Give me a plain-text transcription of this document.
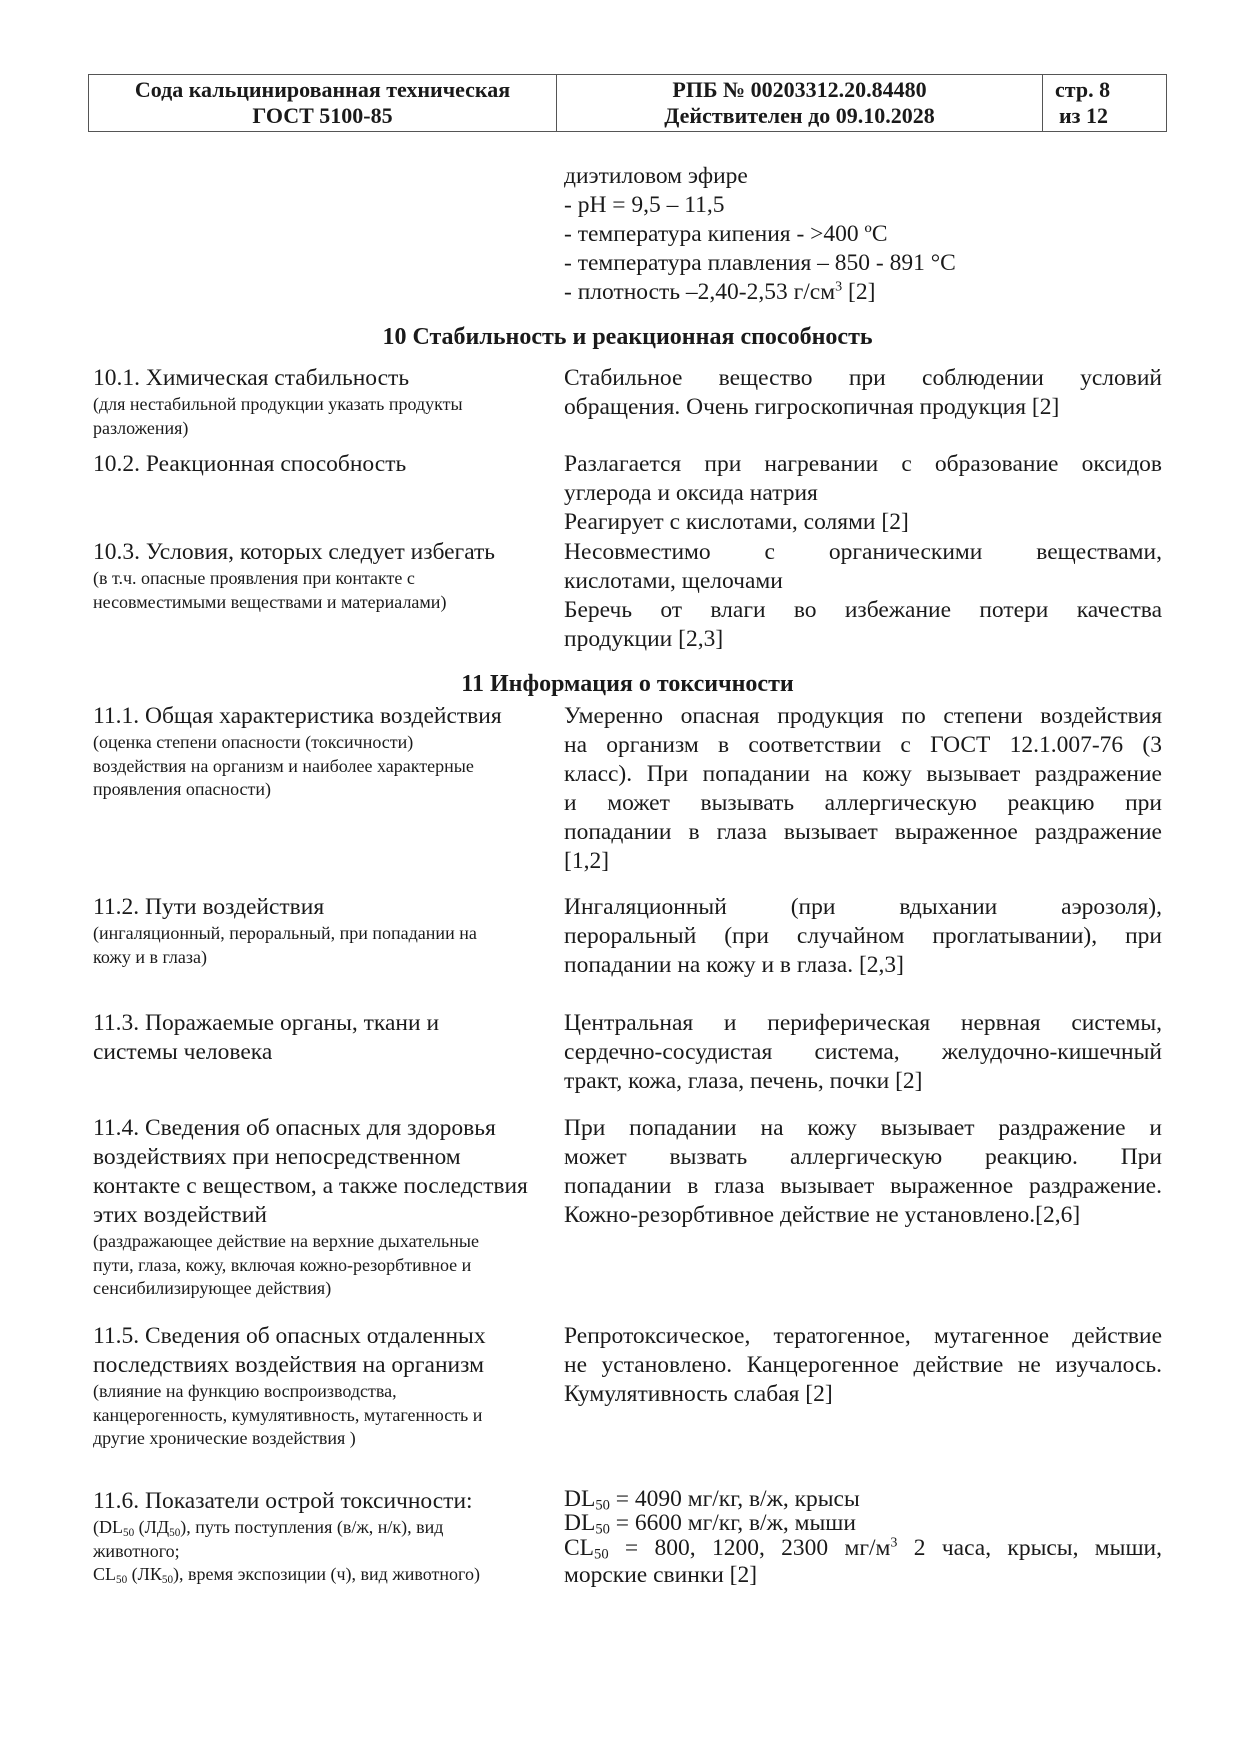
Сода кальцинированная техническая
ГОСТ 5100-85
РПБ № 00203312.20.84480
Действителен до 09.10.2028
стр. 8
из 12
диэтиловом эфире
- pH = 9,5 – 11,5
- температура кипения - >400 ºС
- температура плавления – 850 - 891 °С
- плотность –2,40-2,53 $г/см^3$ [2]
10 Стабильность и реакционная способность
10.1. Химическая стабильность
(для нестабильной продукции указать продукты
разложения)
Стабильное вещество при соблюдении условий
обращения. Очень гигроскопичная продукция [2]
10.2. Реакционная способность	Разлагается при нагревании с образование оксидов
углерода и оксида натрия
Реагирует с кислотами, солями [2]
10.3. Условия, которых следует избегать
(в т.ч. опасные проявления при контакте с
несовместимыми веществами и материалами)
Несовместимо с органическими веществами,
кислотами, щелочами
Беречь от влаги во избежание потери качества
продукции [2,3]
11 Информация о токсичности
11.1. Общая характеристика воздействия
(оценка степени опасности (токсичности)
воздействия на организм и наиболее характерные
проявления опасности)
Умеренно опасная продукция по степени воздействия
на организм в соответствии с ГОСТ 12.1.007-76 (3
класс). При попадании на кожу вызывает раздражение
и может вызывать аллергическую реакцию при
попадании в глаза вызывает выраженное раздражение
[1,2]
11.2. Пути воздействия
(ингаляционный, пероральный, при попадании на
кожу и в глаза)
Ингаляционный (при вдыхании аэрозоля),
пероральный (при случайном проглатывании), при
попадании на кожу и в глаза. [2,3]
11.3. Поражаемые органы, ткани и
системы человека
Центральная и периферическая нервная системы,
сердечно-сосудистая система, желудочно-кишечный
тракт, кожа, глаза, печень, почки [2]
11.4. Сведения об опасных для здоровья
воздействиях при непосредственном
контакте с веществом, а также последствия
этих воздействий
(раздражающее действие на верхние дыхательные
пути, глаза, кожу, включая кожно-резорбтивное и
сенсибилизирующее действия)
При попадании на кожу вызывает раздражение и
может вызвать аллергическую реакцию. При
попадании в глаза вызывает выраженное раздражение.
Кожно-резорбтивное действие не установлено.[2,6]
11.5. Сведения об опасных отдаленных
последствиях воздействия на организм
(влияние на функцию воспроизводства,
канцерогенность, кумулятивность, мутагенность и
другие хронические воздействия )
Репротоксическое, тератогенное, мутагенное действие
не установлено. Канцерогенное действие не изучалось.
Кумулятивность слабая [2]
11.6. Показатели острой токсичности:
($DL_{50}$ $(ЛД_{50})$, путь поступления (в/ж, н/к), вид
животного;
$CL_{50}$ $(ЛК_{50})$, время экспозиции (ч), вид животного)
$DL_{50} = 4090$ мг/кг, в/ж, крысы
$DL_{50} = 6600$ мг/кг, в/ж, мыши
$CL_{50} = 800$, 1200, 2300 $мг/м^3$ 2 часа, крысы, мыши,
морские свинки [2]
